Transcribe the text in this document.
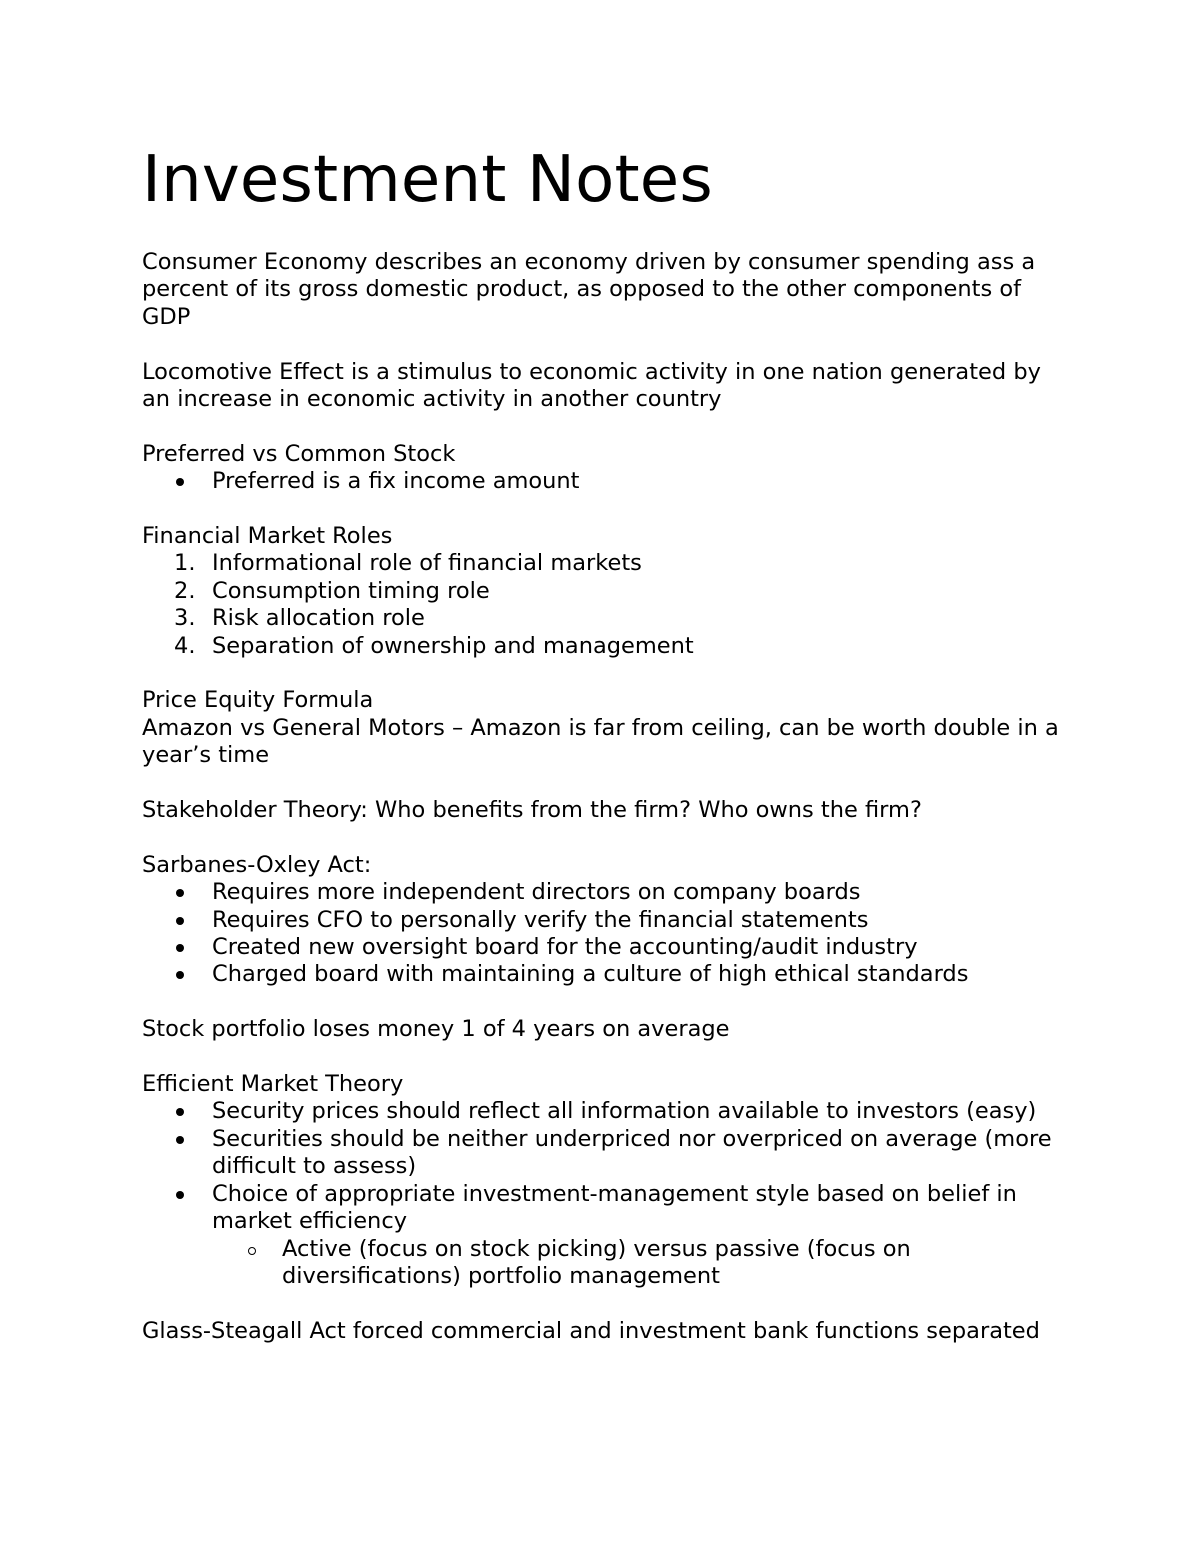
Investment Notes

Consumer Economy describes an economy driven by consumer spending ass a percent of its gross domestic product, as opposed to the other components of GDP

Locomotive Effect is a stimulus to economic activity in one nation generated by an increase in economic activity in another country

Preferred vs Common Stock

Preferred is a fix income amount

Financial Market Roles

1. Informational role of financial markets
2. Consumption timing role
3. Risk allocation role
4. Separation of ownership and management

Price Equity Formula

Amazon vs General Motors – Amazon is far from ceiling, can be worth double in a year’s time

Stakeholder Theory: Who benefits from the firm? Who owns the firm?

Sarbanes-Oxley Act:

Requires more independent directors on company boards
Requires CFO to personally verify the financial statements
Created new oversight board for the accounting/audit industry
Charged board with maintaining a culture of high ethical standards

Stock portfolio loses money 1 of 4 years on average

Efficient Market Theory

Security prices should reflect all information available to investors (easy)
Securities should be neither underpriced nor overpriced on average (more difficult to assess)
Choice of appropriate investment-management style based on belief in market efficiency
Active (focus on stock picking) versus passive (focus on diversifications) portfolio management

Glass-Steagall Act forced commercial and investment bank functions separated
